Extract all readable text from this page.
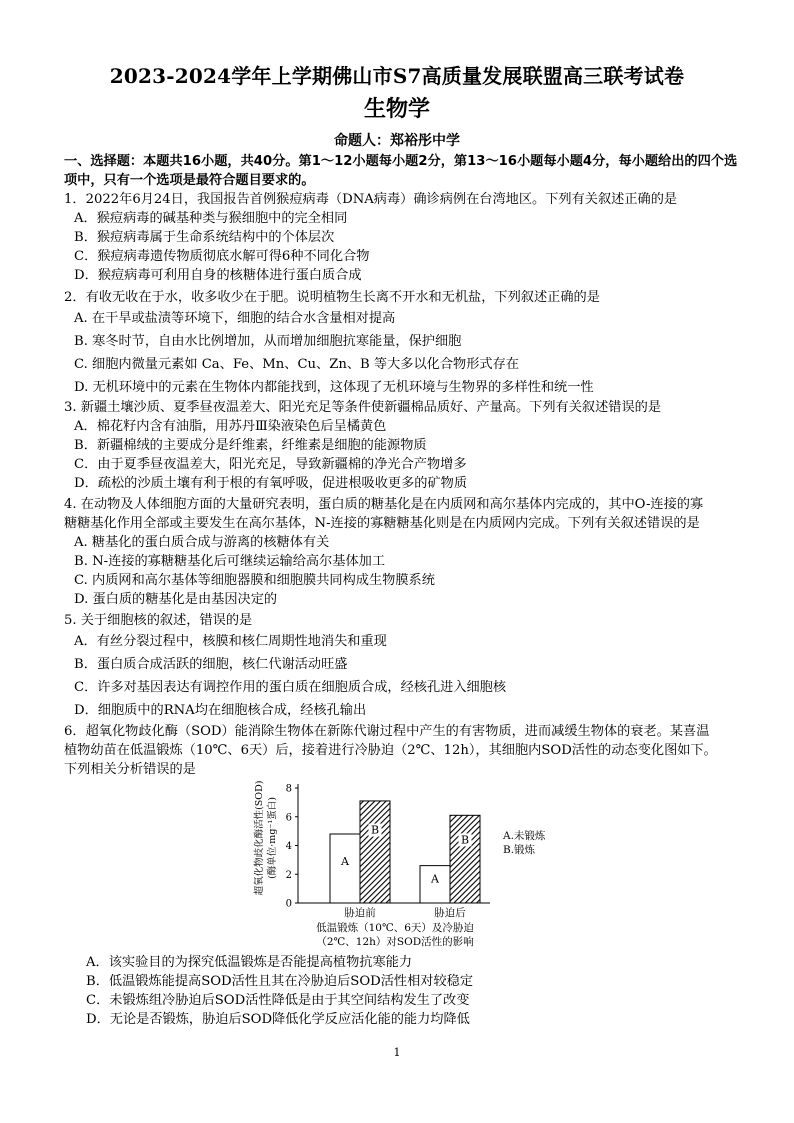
2023-2024学年上学期佛山市S7高质量发展联盟高三联考试卷
生物学
命题人：郑裕彤中学
一、选择题：本题共16小题，共40分。第1～12小题每小题2分，第13～16小题每小题4分，每小题给出的四个选项中，只有一个选项是最符合题目要求的。
1．2022年6月24日，我国报告首例猴痘病毒（DNA病毒）确诊病例在台湾地区。下列有关叙述正确的是
A．猴痘病毒的碱基种类与猴细胞中的完全相同
B．猴痘病毒属于生命系统结构中的个体层次
C．猴痘病毒遗传物质彻底水解可得6种不同化合物
D．猴痘病毒可利用自身的核糖体进行蛋白质合成
2．有收无收在于水，收多收少在于肥。说明植物生长离不开水和无机盐，下列叙述正确的是
A. 在干旱或盐渍等环境下，细胞的结合水含量相对提高
B. 寒冬时节，自由水比例增加，从而增加细胞抗寒能量，保护细胞
C. 细胞内微量元素如 Ca、Fe、Mn、Cu、Zn、B 等大多以化合物形式存在
D. 无机环境中的元素在生物体内都能找到，这体现了无机环境与生物界的多样性和统一性
3. 新疆土壤沙质、夏季昼夜温差大、阳光充足等条件使新疆棉品质好、产量高。下列有关叙述错误的是
A．棉花籽内含有油脂，用苏丹Ⅲ染液染色后呈橘黄色
B．新疆棉绒的主要成分是纤维素，纤维素是细胞的能源物质
C．由于夏季昼夜温差大，阳光充足，导致新疆棉的净光合产物增多
D．疏松的沙质土壤有利于根的有氧呼吸，促进根吸收更多的矿物质
4. 在动物及人体细胞方面的大量研究表明，蛋白质的糖基化是在内质网和高尔基体内完成的，其中O-连接的寡
糖糖基化作用全部或主要发生在高尔基体，N-连接的寡糖糖基化则是在内质网内完成。下列有关叙述错误的是
A. 糖基化的蛋白质合成与游离的核糖体有关
B. N-连接的寡糖糖基化后可继续运输给高尔基体加工
C. 内质网和高尔基体等细胞器膜和细胞膜共同构成生物膜系统
D. 蛋白质的糖基化是由基因决定的
5. 关于细胞核的叙述，错误的是
A．有丝分裂过程中，核膜和核仁周期性地消失和重现
B．蛋白质合成活跃的细胞，核仁代谢活动旺盛
C．许多对基因表达有调控作用的蛋白质在细胞质合成，经核孔进入细胞核
D．细胞质中的RNA均在细胞核合成，经核孔输出
6．超氧化物歧化酶（SOD）能消除生物体在新陈代谢过程中产生的有害物质，进而减缓生物体的衰老。某喜温
植物幼苗在低温锻炼（10℃、6天）后，接着进行冷胁迫（2℃、12h），其细胞内SOD活性的动态变化图如下。
下列相关分析错误的是
超氧化物歧化酶活性(SOD) (酶单位·mg⁻¹蛋白)
0
2
4
6
8
胁迫前	胁迫后
A
B
A
B	A.未锻炼
B.锻炼
低温锻炼（10℃、6天）及冷胁迫
（2℃、12h）对SOD活性的影响
A．该实验目的为探究低温锻炼是否能提高植物抗寒能力
B．低温锻炼能提高SOD活性且其在冷胁迫后SOD活性相对较稳定
C．未锻炼组冷胁迫后SOD活性降低是由于其空间结构发生了改变
D．无论是否锻炼，胁迫后SOD降低化学反应活化能的能力均降低
1
